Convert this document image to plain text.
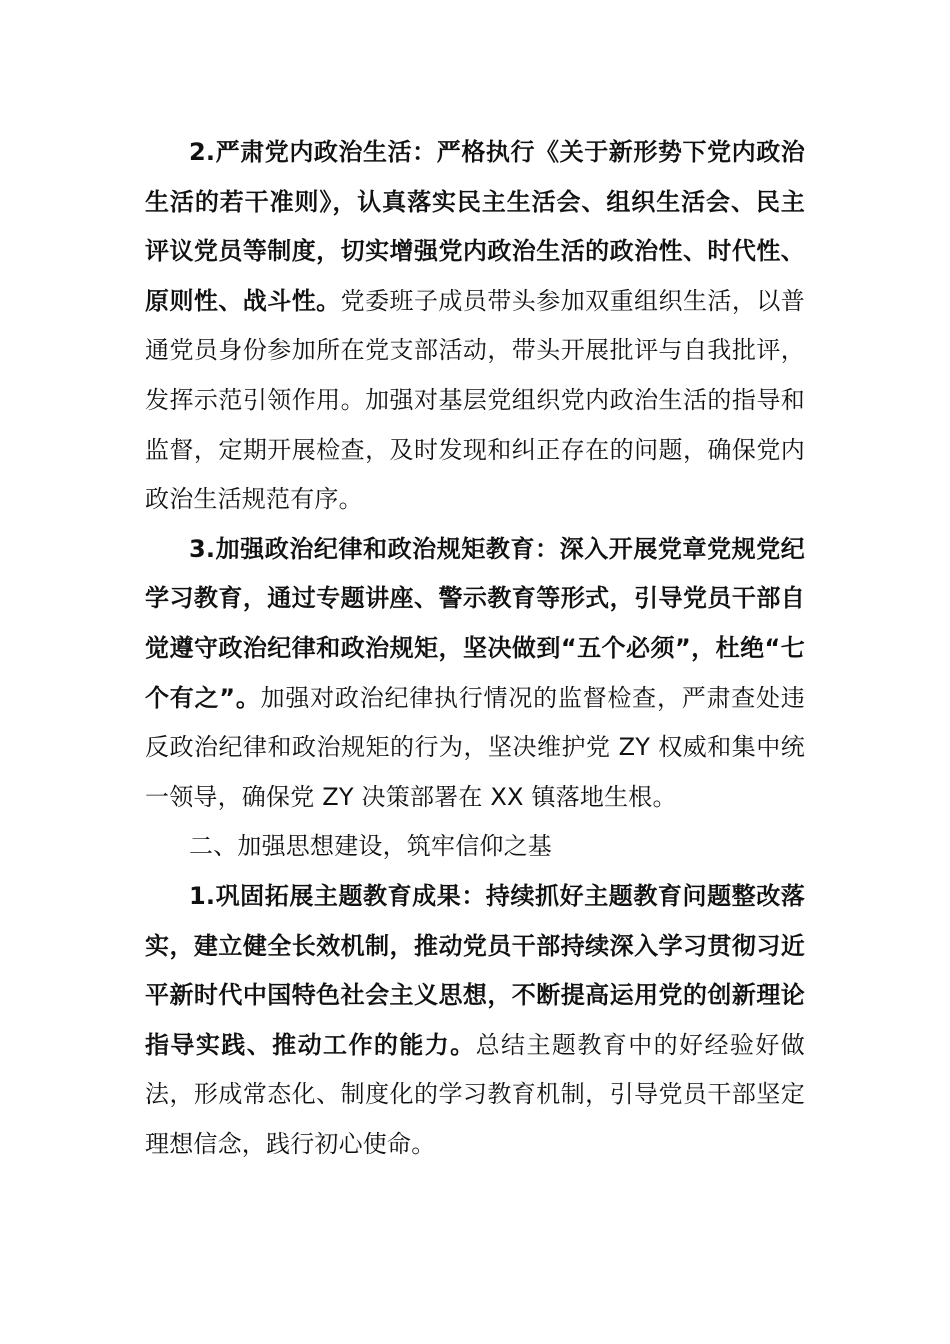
2.严肃党内政治生活：严格执行《关于新形势下党内政治生活的若干准则》，认真落实民主生活会、组织生活会、民主评议党员等制度，切实增强党内政治生活的政治性、时代性、原则性、战斗性。党委班子成员带头参加双重组织生活，以普通党员身份参加所在党支部活动，带头开展批评与自我批评，发挥示范引领作用。加强对基层党组织党内政治生活的指导和监督，定期开展检查，及时发现和纠正存在的问题，确保党内政治生活规范有序。

3.加强政治纪律和政治规矩教育：深入开展党章党规党纪学习教育，通过专题讲座、警示教育等形式，引导党员干部自觉遵守政治纪律和政治规矩，坚决做到“五个必须”，杜绝“七个有之”。加强对政治纪律执行情况的监督检查，严肃查处违反政治纪律和政治规矩的行为，坚决维护党 ZY 权威和集中统一领导，确保党 ZY 决策部署在 XX 镇落地生根。

二、加强思想建设，筑牢信仰之基

1.巩固拓展主题教育成果：持续抓好主题教育问题整改落实，建立健全长效机制，推动党员干部持续深入学习贯彻习近平新时代中国特色社会主义思想，不断提高运用党的创新理论指导实践、推动工作的能力。总结主题教育中的好经验好做法，形成常态化、制度化的学习教育机制，引导党员干部坚定理想信念，践行初心使命。
